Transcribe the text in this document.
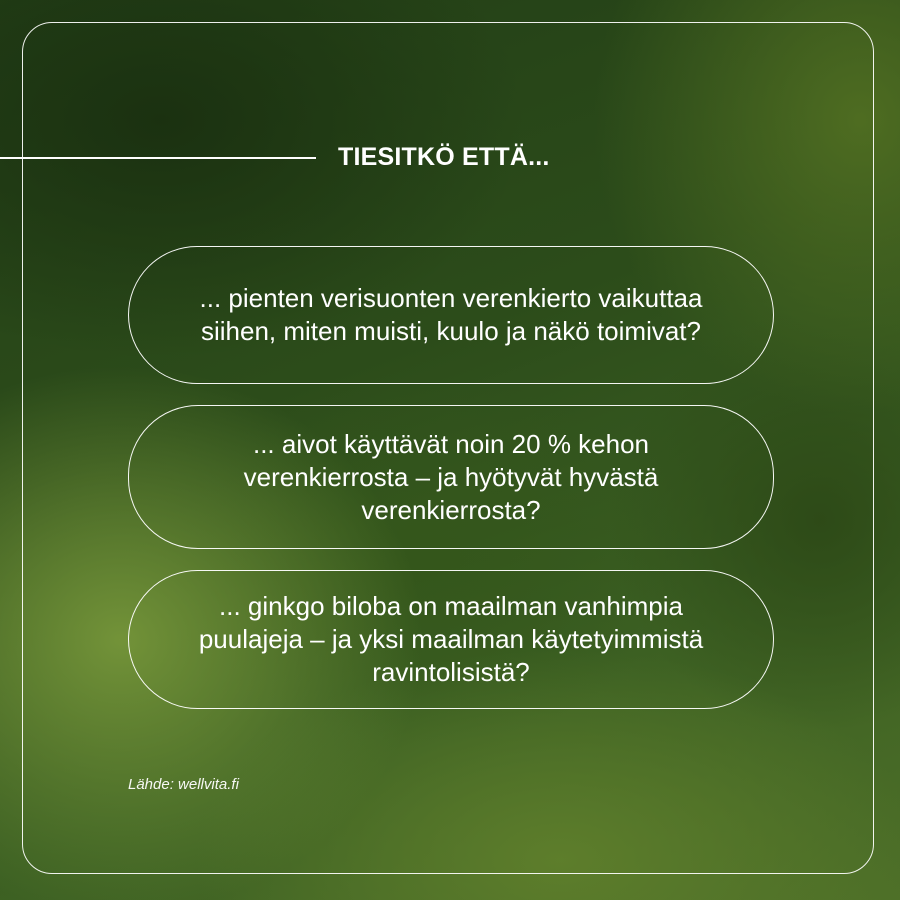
TIESITKÖ ETTÄ...
... pienten verisuonten verenkierto vaikuttaa siihen, miten muisti, kuulo ja näkö toimivat?
... aivot käyttävät noin 20 % kehon verenkierrosta – ja hyötyvät hyvästä verenkierrosta?
... ginkgo biloba on maailman vanhimpia puulajeja – ja yksi maailman käytetyimmistä ravintolisistä?
Lähde: wellvita.fi
